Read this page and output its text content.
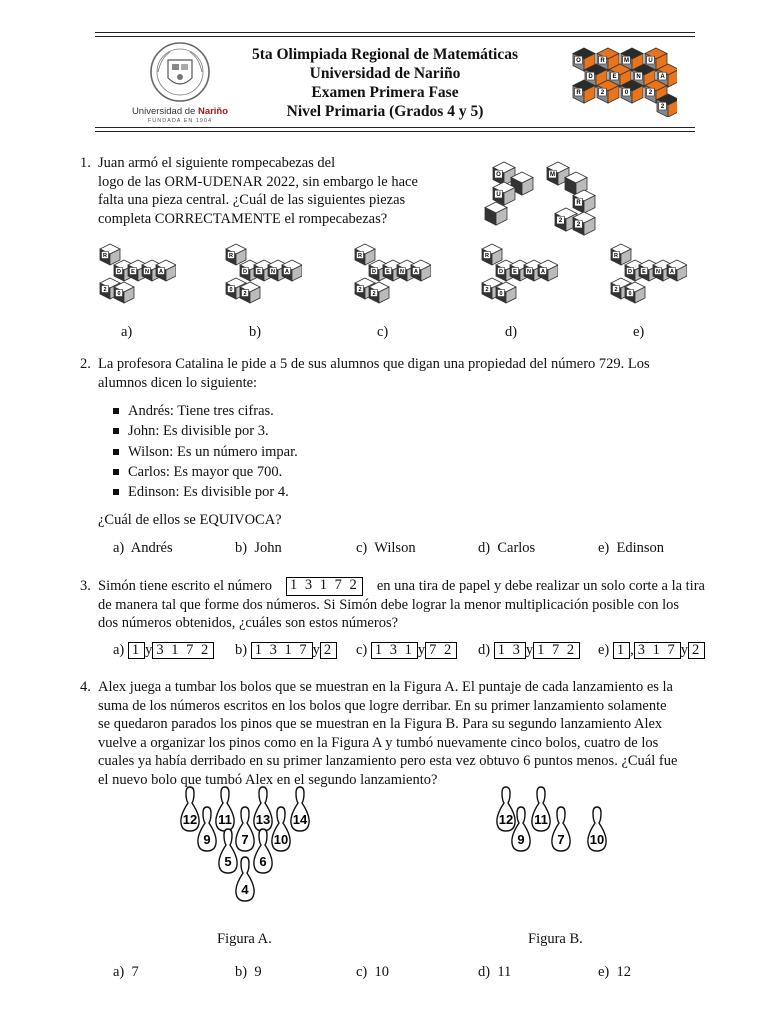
Universidad de Nariño
FUNDADA EN 1904
5ta Olimpiada Regional de Matemáticas
Universidad de Nariño
Examen Primera Fase
Nivel Primaria (Grados 4 y 5)
O	R	M	U
D	E	N	A
R	2	0	2
2
1. Juan armó el siguiente rompecabezas del
logo de las ORM-UDENAR 2022, sin embargo le hace
falta una pieza central. ¿Cuál de las siguientes piezas
completa CORRECTAMENTE el rompecabezas?
O
U
M
R
2
2
R
D E N A
2
0
R
D E N A
0
2
R
D E N A
2
2
R
D E N A
2
0
R
D E N A
2
0
a)	b)	c)	d)	e)
2. La profesora Catalina le pide a 5 de sus alumnos que digan una propiedad del número 729. Los
alumnos dicen lo siguiente:
Andrés: Tiene tres cifras.
John: Es divisible por 3.
Wilson: Es un número impar.
Carlos: Es mayor que 700.
Edinson: Es divisible por 4.
¿Cuál de ellos se EQUIVOCA?
a) Andrés	b) John	c) Wilson	d) Carlos	e) Edinson
3. Simón tiene escrito el número 1 3 1 7 2 en una tira de papel y debe realizar un solo corte a la tira
de manera tal que forme dos números. Si Simón debe lograr la menor multiplicación posible con los
dos números obtenidos, ¿cuáles son estos números?
a) 1 y 3 1 7 2 b) 1 3 1 7 y 2 c) 1 3 1 y 7 2 d) 1 3 y 1 7 2 e) 1 , 3 1 7 y 2
4. Alex juega a tumbar los bolos que se muestran en la Figura A. El puntaje de cada lanzamiento es la
suma de los números escritos en los bolos que logre derribar. En su primer lanzamiento solamente
se quedaron parados los pinos que se muestran en la Figura B. Para su segundo lanzamiento Alex
vuelve a organizar los pinos como en la Figura A y tumbó nuevamente cinco bolos, cuatro de los
cuales ya había derribado en su primer lanzamiento pero esta vez obtuvo 6 puntos menos. ¿Cuál fue
el nuevo bolo que tumbó Alex en el segundo lanzamiento?
12 11 13 14
9 7 10
5 6
4
12 11
9	7 10
Figura A.	Figura B.
a) 7	b) 9	c) 10	d) 11	e) 12
